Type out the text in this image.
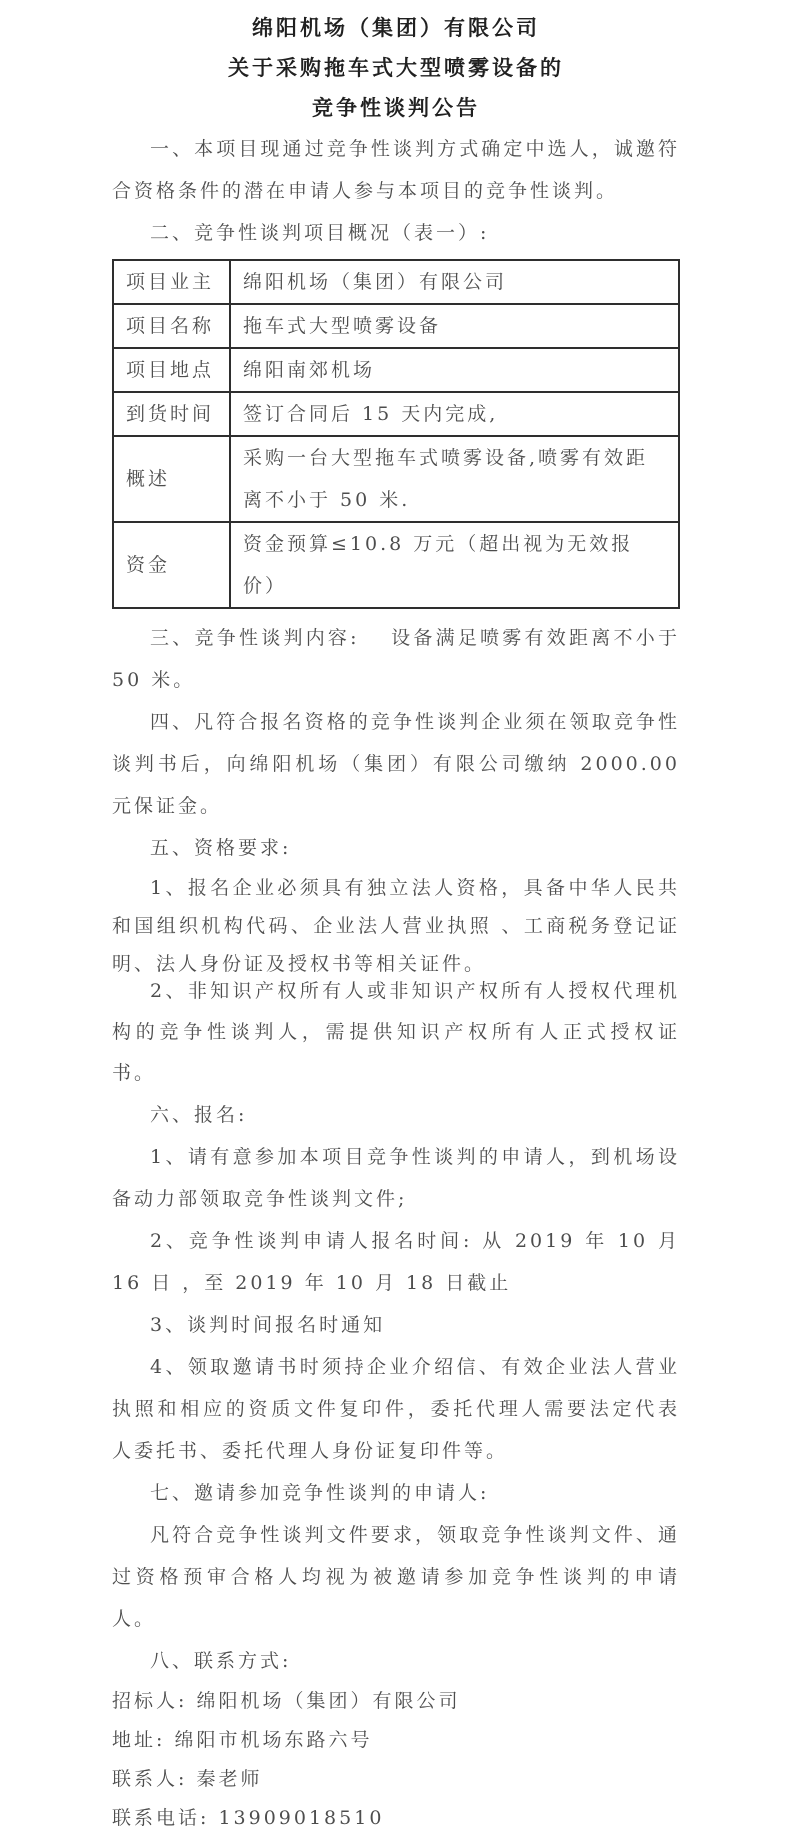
绵阳机场（集团）有限公司
关于采购拖车式大型喷雾设备的
竞争性谈判公告

一、本项目现通过竞争性谈判方式确定中选人，诚邀符合资格条件的潜在申请人参与本项目的竞争性谈判。

二、竞争性谈判项目概况（表一）:

项目业主	绵阳机场（集团）有限公司
项目名称	拖车式大型喷雾设备
项目地点	绵阳南郊机场
到货时间	签订合同后 15 天内完成,
概述	采购一台大型拖车式喷雾设备,喷雾有效距离不小于 50 米.
资金	资金预算≤10.8 万元（超出视为无效报价）

三、竞争性谈判内容: 　设备满足喷雾有效距离不小于 50 米。

四、凡符合报名资格的竞争性谈判企业须在领取竞争性谈判书后，向绵阳机场（集团）有限公司缴纳 2000.00 元保证金。

五、资格要求:

1、报名企业必须具有独立法人资格，具备中华人民共和国组织机构代码、企业法人营业执照 、工商税务登记证明、法人身份证及授权书等相关证件。

2、非知识产权所有人或非知识产权所有人授权代理机构的竞争性谈判人，需提供知识产权所有人正式授权证书。

六、报名:

1、请有意参加本项目竞争性谈判的申请人，到机场设备动力部领取竞争性谈判文件;

2、竞争性谈判申请人报名时间: 从 2019 年 10 月 16 日 ，至 2019 年 10 月 18 日截止

3、谈判时间报名时通知

4、领取邀请书时须持企业介绍信、有效企业法人营业执照和相应的资质文件复印件，委托代理人需要法定代表人委托书、委托代理人身份证复印件等。

七、邀请参加竞争性谈判的申请人:

凡符合竞争性谈判文件要求，领取竞争性谈判文件、通过资格预审合格人均视为被邀请参加竞争性谈判的申请人。

八、联系方式:

招标人: 绵阳机场（集团）有限公司

地址: 绵阳市机场东路六号

联系人: 秦老师

联系电话: 13909018510
